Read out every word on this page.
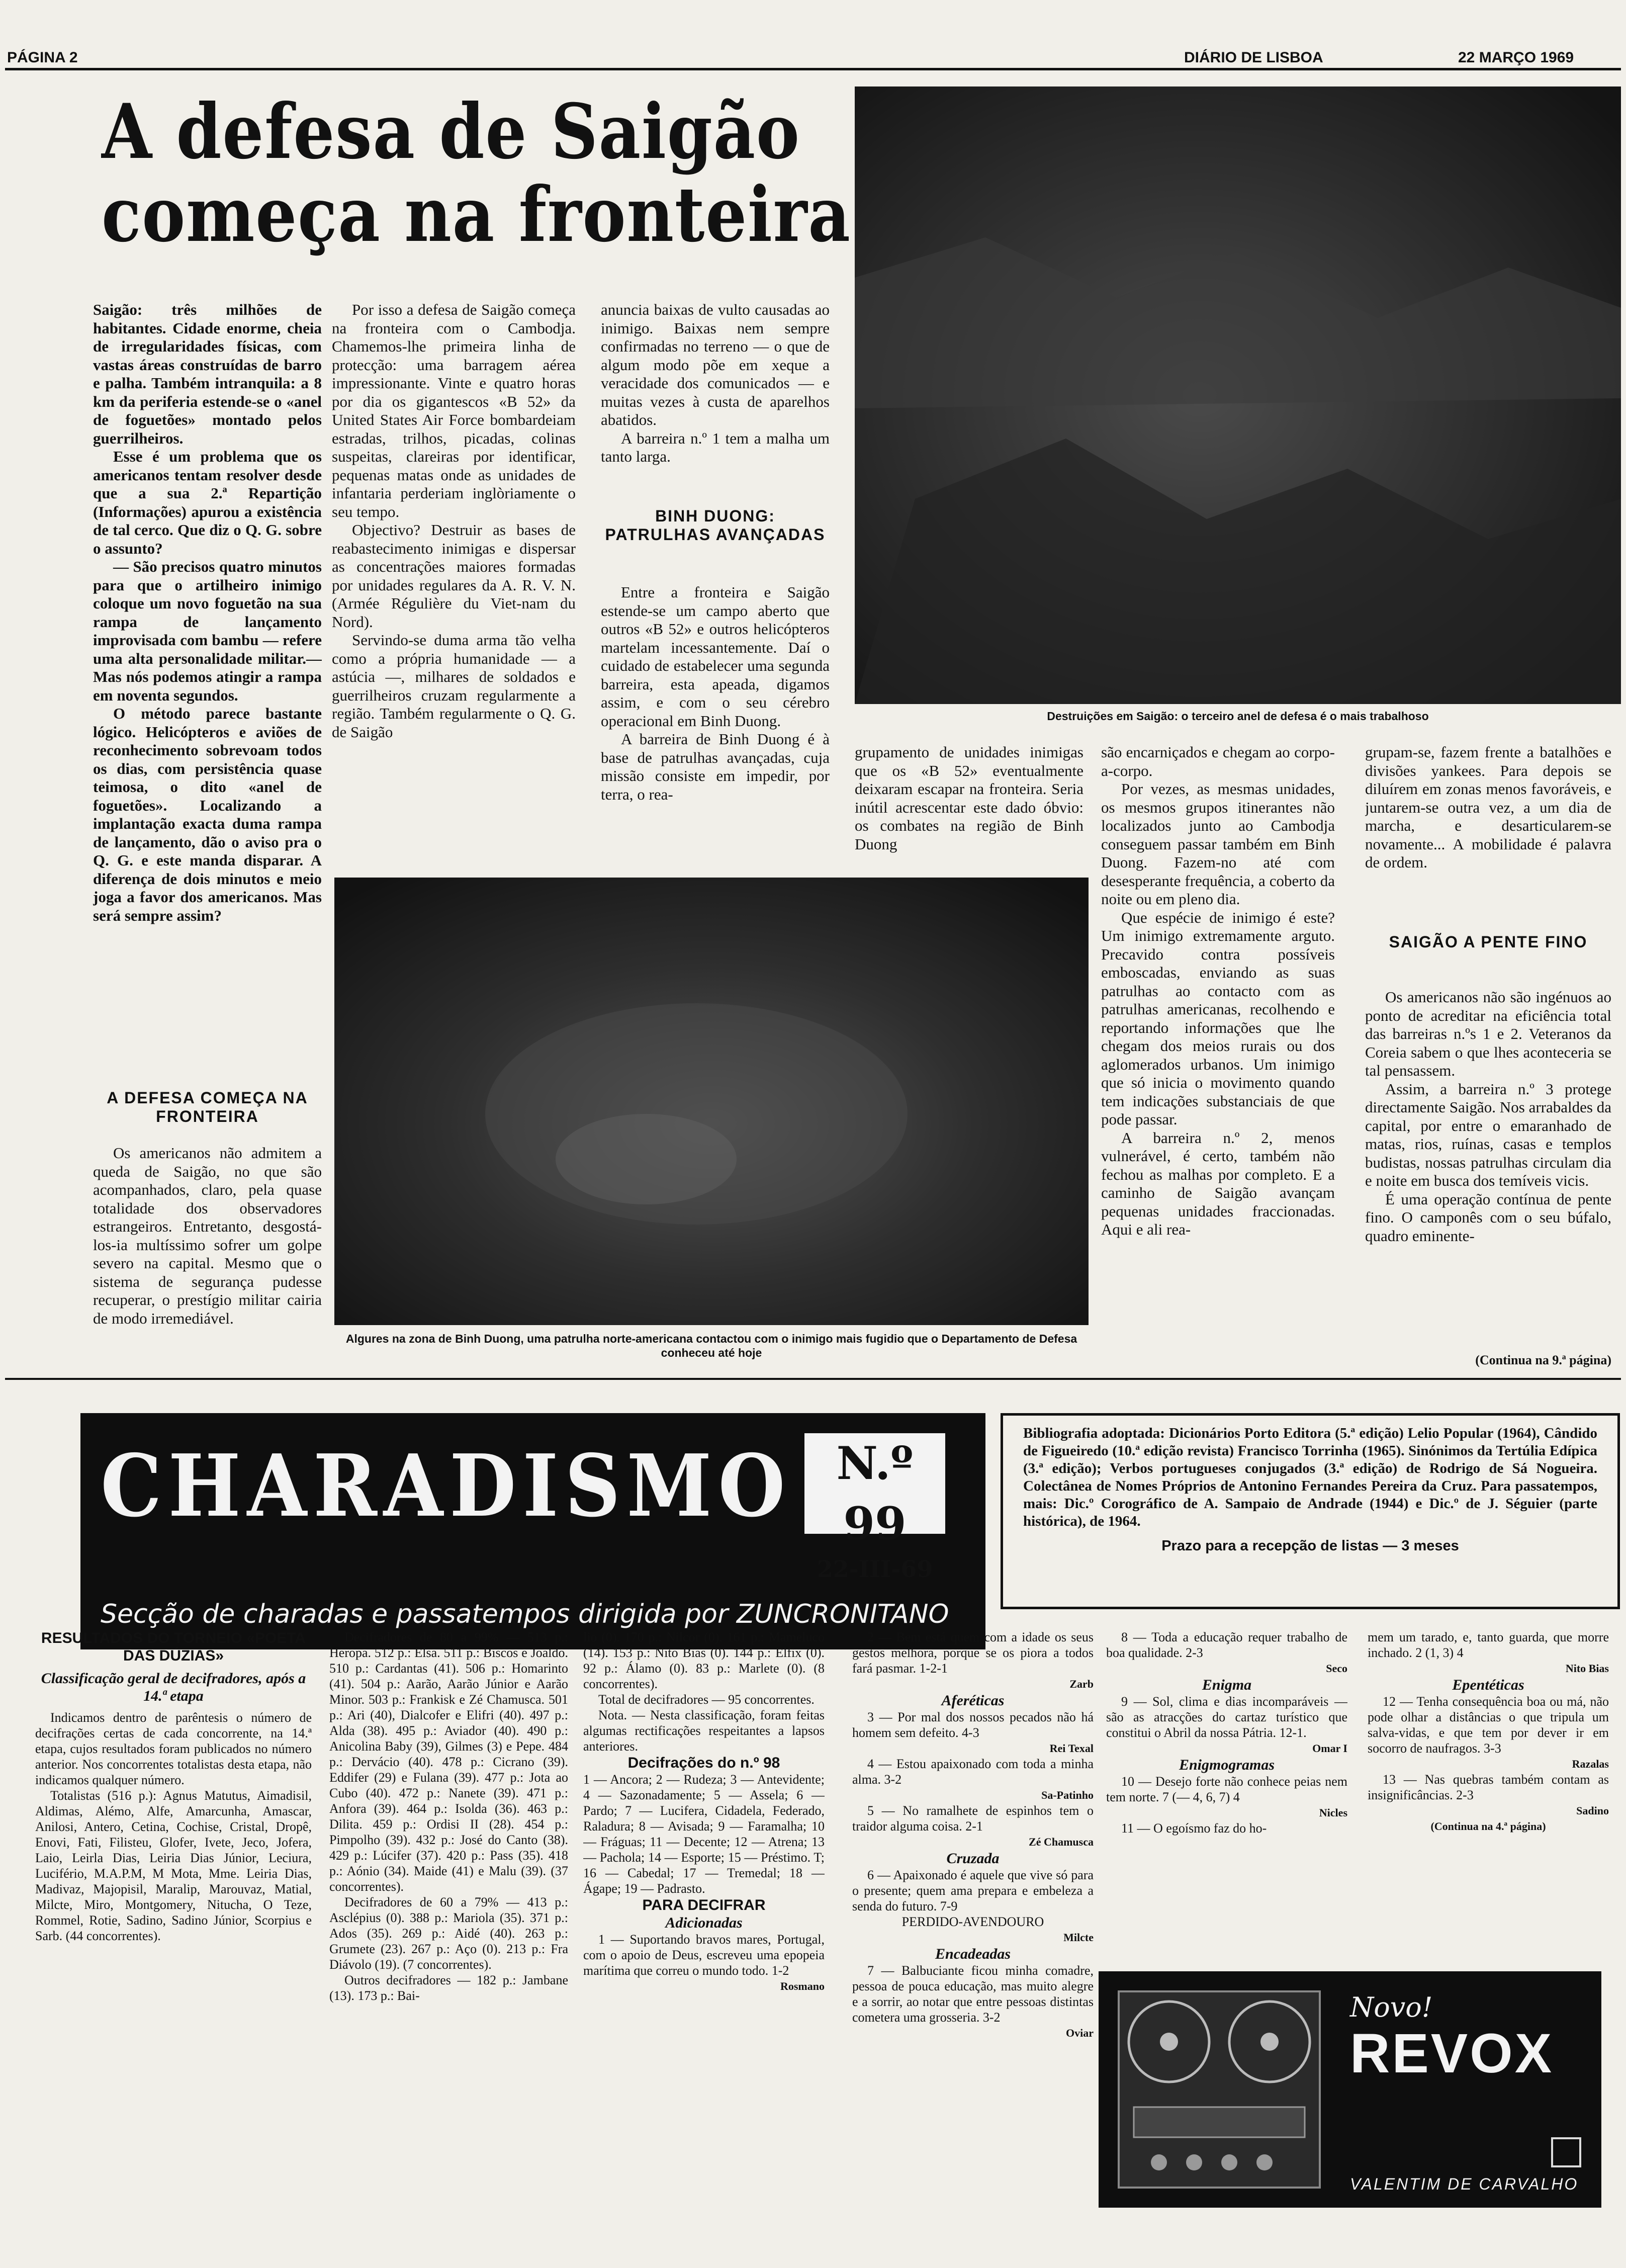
PÁGINA 2	DIÁRIO DE LISBOA	22 MARÇO 1969
A defesa de Saigão
começa na fronteira

Saigão: três milhões de habitantes. Cidade enorme, cheia de irregularidades físicas, com vastas áreas construídas de barro e palha. Também intranquila: a 8 km da periferia estende-se o «anel de foguetões» montado pelos guerrilheiros.

Esse é um problema que os americanos tentam resolver desde que a sua 2.ª Repartição (Informações) apurou a existência de tal cerco. Que diz o Q. G. sobre o assunto?

— São precisos quatro minutos para que o artilheiro inimigo coloque um novo foguetão na sua rampa de lançamento improvisada com bambu — refere uma alta personalidade militar.— Mas nós podemos atingir a rampa em noventa segundos.

O método parece bastante lógico. Helicópteros e aviões de reconhecimento sobrevoam todos os dias, com persistência quase teimosa, o dito «anel de foguetões». Localizando a implantação exacta duma rampa de lançamento, dão o aviso pra o Q. G. e este manda disparar. A diferença de dois minutos e meio joga a favor dos americanos. Mas será sempre assim?

A DEFESA COMEÇA NA FRONTEIRA

Os americanos não admitem a queda de Saigão, no que são acompanhados, claro, pela quase totalidade dos observadores estrangeiros. Entretanto, desgostá-los-ia multíssimo sofrer um golpe severo na capital. Mesmo que o sistema de segurança pudesse recuperar, o prestígio militar cairia de modo irremediável.

Por isso a defesa de Saigão começa na fronteira com o Cambodja. Chamemos-lhe primeira linha de protecção: uma barragem aérea impressionante. Vinte e quatro horas por dia os gigantescos «B 52» da United States Air Force bombardeiam estradas, trilhos, picadas, colinas suspeitas, clareiras por identificar, pequenas matas onde as unidades de infantaria perderiam inglòriamente o seu tempo.

Objectivo? Destruir as bases de reabastecimento inimigas e dispersar as concentrações maiores formadas por unidades regulares da A. R. V. N. (Armée Régulière du Viet-nam du Nord).

Servindo-se duma arma tão velha como a própria humanidade — a astúcia —, milhares de soldados e guerrilheiros cruzam regularmente a região. Também regularmente o Q. G. de Saigão

anuncia baixas de vulto causadas ao inimigo. Baixas nem sempre confirmadas no terreno — o que de algum modo põe em xeque a veracidade dos comunicados — e muitas vezes à custa de aparelhos abatidos.

A barreira n.º 1 tem a malha um tanto larga.

BINH DUONG: PATRULHAS AVANÇADAS

Entre a fronteira e Saigão estende-se um campo aberto que outros «B 52» e outros helicópteros martelam incessantemente. Daí o cuidado de estabelecer uma segunda barreira, esta apeada, digamos assim, e com o seu cérebro operacional em Binh Duong.

A barreira de Binh Duong é à base de patrulhas avançadas, cuja missão consiste em impedir, por terra, o rea-

Destruições em Saigão: o terceiro anel de defesa é o mais trabalhoso
Algures na zona de Binh Duong, uma patrulha norte-americana contactou com o inimigo mais fugidio que o Departamento de Defesa conheceu até hoje

grupamento de unidades inimigas que os «B 52» eventualmente deixaram escapar na fronteira. Seria inútil acrescentar este dado óbvio: os combates na região de Binh Duong

são encarniçados e chegam ao corpo-a-corpo.

Por vezes, as mesmas unidades, os mesmos grupos itinerantes não localizados junto ao Cambodja conseguem passar também em Binh Duong. Fazem-no até com desesperante frequência, a coberto da noite ou em pleno dia.

Que espécie de inimigo é este? Um inimigo extremamente arguto. Precavido contra possíveis emboscadas, enviando as suas patrulhas ao contacto com as patrulhas americanas, recolhendo e reportando informações que lhe chegam dos meios rurais ou dos aglomerados urbanos. Um inimigo que só inicia o movimento quando tem indicações substanciais de que pode passar.

A barreira n.º 2, menos vulnerável, é certo, também não fechou as malhas por completo. E a caminho de Saigão avançam pequenas unidades fraccionadas. Aqui e ali rea-

grupam-se, fazem frente a batalhões e divisões yankees. Para depois se diluírem em zonas menos favoráveis, e juntarem-se outra vez, a um dia de marcha, e desarticularem-se novamente... A mobilidade é palavra de ordem.

SAIGÃO A PENTE FINO

Os americanos não são ingénuos ao ponto de acreditar na eficiência total das barreiras n.ºs 1 e 2. Veteranos da Coreia sabem o que lhes aconteceria se tal pensassem.

Assim, a barreira n.º 3 protege directamente Saigão. Nos arrabaldes da capital, por entre o emaranhado de matas, rios, ruínas, casas e templos budistas, nossas patrulhas circulam dia e noite em busca dos temíveis vicis.

É uma operação contínua de pente fino. O camponês com o seu búfalo, quadro eminente-

(Continua na 9.ª página)
CHARADISMO N.º 99
22-III-69
Secção de charadas e passatempos dirigida por ZUNCRONITANO
Bibliografia adoptada: Dicionários Porto Editora (5.ª edição) Lelio Popular (1964), Cândido de Figueiredo (10.ª edição revista) Francisco Torrinha (1965). Sinónimos da Tertúlia Edípica (3.ª edição); Verbos portugueses conjugados (3.ª edição) de Rodrigo de Sá Nogueira. Colectânea de Nomes Próprios de Antonino Fernandes Pereira da Cruz. Para passatempos, mais: Dic.º Corográfico de A. Sampaio de Andrade (1944) e Dic.º de J. Séguier (parte histórica), de 1964.
Prazo para a recepção de listas — 3 meses

RESULTADOS DO TORNEIO «POETA DAS DÚZIAS»

Classificação geral de decifradores, após a 14.ª etapa

Indicamos dentro de parêntesis o número de decifrações certas de cada concorrente, na 14.ª etapa, cujos resultados foram publicados no número anterior. Nos concorrentes totalistas desta etapa, não indicamos qualquer número.

Totalistas (516 p.): Agnus Matutus, Aimadisil, Aldimas, Alémo, Alfe, Amarcunha, Amascar, Anilosi, Antero, Cetina, Cochise, Cristal, Dropê, Enovi, Fati, Filisteu, Glofer, Ivete, Jeco, Jofera, Laio, Leirla Dias, Leiria Dias Júnior, Leciura, Lucifério, M.A.P.M, M Mota, Mme. Leiria Dias, Madivaz, Majopisil, Maralip, Marouvaz, Matial, Milcte, Miro, Montgomery, Nitucha, O Teze, Rommel, Rotie, Sadino, Sadino Júnior, Scorpius e Sarb. (44 concorrentes).

Decifradores de 80 a 99% — 513 p.: Heropa. 512 p.: Elsa. 511 p.: Biscos e Joaldo. 510 p.: Cardantas (41). 506 p.: Homarinto (41). 504 p.: Aarão, Aarão Júnior e Aarão Minor. 503 p.: Frankisk e Zé Chamusca. 501 p.: Ari (40), Dialcofer e Elifri (40). 497 p.: Alda (38). 495 p.: Aviador (40). 490 p.: Anicolina Baby (39), Gilmes (3) e Pepe. 484 p.: Dervácio (40). 478 p.: Cicrano (39). Eddifer (29) e Fulana (39). 477 p.: Jota ao Cubo (40). 472 p.: Nanete (39). 471 p.: Anfora (39). 464 p.: Isolda (36). 463 p.: Dilita. 459 p.: Ordisi II (28). 454 p.: Pimpolho (39). 432 p.: José do Canto (38). 429 p.: Lúcifer (37). 420 p.: Pass (35). 418 p.: Aónio (34). Maide (41) e Malu (39). (37 concorrentes).

Decifradores de 60 a 79% — 413 p.: Asclépius (0). 388 p.: Mariola (35). 371 p.: Ados (35). 269 p.: Aidé (40). 263 p.: Grumete (23). 267 p.: Aço (0). 213 p.: Fra Diávolo (19). (7 concorrentes).

Outros decifradores — 182 p.: Jambane (13). 173 p.: Bai-

lio (0). 170 p.: Nilcor (0). 161 p.: Mameluco (14). 153 p.: Nito Bias (0). 144 p.: Elfix (0). 92 p.: Álamo (0). 83 p.: Marlete (0). (8 concorrentes).

Total de decifradores — 95 concorrentes.

Nota. — Nesta classificação, foram feitas algumas rectificações respeitantes a lapsos anteriores.

Decifrações do n.º 98

1 — Ancora; 2 — Rudeza; 3 — Antevidente; 4 — Sazonadamente; 5 — Assela; 6 — Pardo; 7 — Lucifera, Cidadela, Federado, Raladura; 8 — Avisada; 9 — Faramalha; 10 — Fráguas; 11 — Decente; 12 — Atrena; 13 — Pachola; 14 — Esporte; 15 — Préstimo. T; 16 — Cabedal; 17 — Tremedal; 18 — Ágape; 19 — Padrasto.

PARA DECIFRAR

Adicionadas

1 — Suportando bravos mares, Portugal, com o apoio de Deus, escreveu uma epopeia marítima que correu o mundo todo. 1-2

Rosmano

2 — Bem está quem com a idade os seus gestos melhora, porque se os piora a todos fará pasmar. 1-2-1

Zarb

Aferéticas

3 — Por mal dos nossos pecados não há homem sem defeito. 4-3

Rei Texal

4 — Estou apaixonado com toda a minha alma. 3-2

Sa-Patinho

5 — No ramalhete de espinhos tem o traidor alguma coisa. 2-1

Zé Chamusca

Cruzada

6 — Apaixonado é aquele que vive só para o presente; quem ama prepara e embeleza a senda do futuro. 7-9

PERDIDO-AVENDOURO

Milcte

Encadeadas

7 — Balbuciante ficou minha comadre, pessoa de pouca educação, mas muito alegre e a sorrir, ao notar que entre pessoas distintas cometera uma grosseria. 3-2

Oviar

8 — Toda a educação requer trabalho de boa qualidade. 2-3

Seco

Enigma

9 — Sol, clima e dias incomparáveis — são as atracções do cartaz turístico que constitui o Abril da nossa Pátria. 12-1.

Omar I

Enigmogramas

10 — Desejo forte não conhece peias nem tem norte. 7 (— 4, 6, 7) 4

Nicles

11 — O egoísmo faz do ho-

mem um tarado, e, tanto guarda, que morre inchado. 2 (1, 3) 4

Nito Bias

Epentéticas

12 — Tenha consequência boa ou má, não pode olhar a distâncias o que tripula um salva-vidas, e que tem por dever ir em socorro de naufragos. 3-3

Razalas

13 — Nas quebras também contam as insignificâncias. 2-3

Sadino

(Continua na 4.ª página)

Novo!
REVOX
VALENTIM DE CARVALHO
